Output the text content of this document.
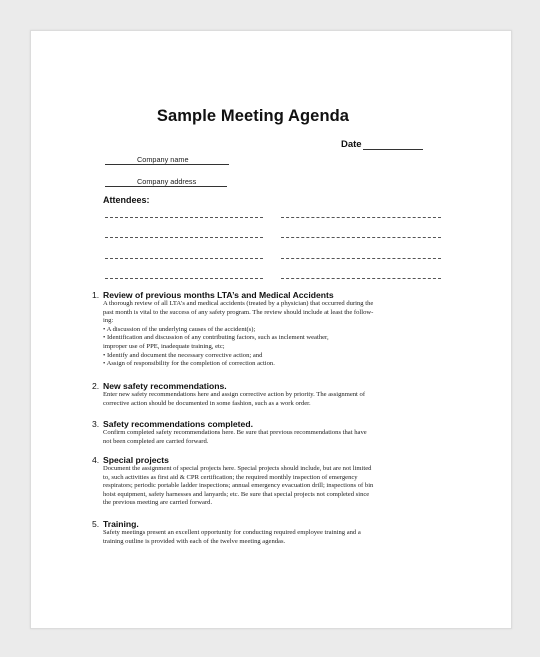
Sample Meeting Agenda
Date
Company name
Company address
Attendees:
1. Review of previous months LTA’s and Medical Accidents

A thorough review of all LTA's and medical accidents (treated by a physician) that occurred during the

past month is vital to the success of any safety program. The review should include at least the follow-

ing:

• A discussion of the underlying causes of the accident(s);

• Identification and discussion of any contributing factors, such as inclement weather,

improper use of PPE, inadequate training, etc;

• Identify and document the necessary corrective action; and

• Assign of responsibility for the completion of correction action.

2. New safety recommendations.

Enter new safety recommendations here and assign corrective action by priority. The assignment of

corrective action should be documented in some fashion, such as a work order.

3. Safety recommendations completed.

Confirm completed safety recommendations here. Be sure that previous recommendations that have

not been completed are carried forward.

4. Special projects

Document the assignment of special projects here. Special projects should include, but are not limited

to, such activities as first aid & CPR certification; the required monthly inspection of emergency

respirators; periodic portable ladder inspections; annual emergency evacuation drill; inspections of bin

hoist equipment, safety harnesses and lanyards; etc. Be sure that special projects not completed since

the previous meeting are carried forward.

5. Training.

Safety meetings present an excellent opportunity for conducting required employee training and a

training outline is provided with each of the twelve meeting agendas.
